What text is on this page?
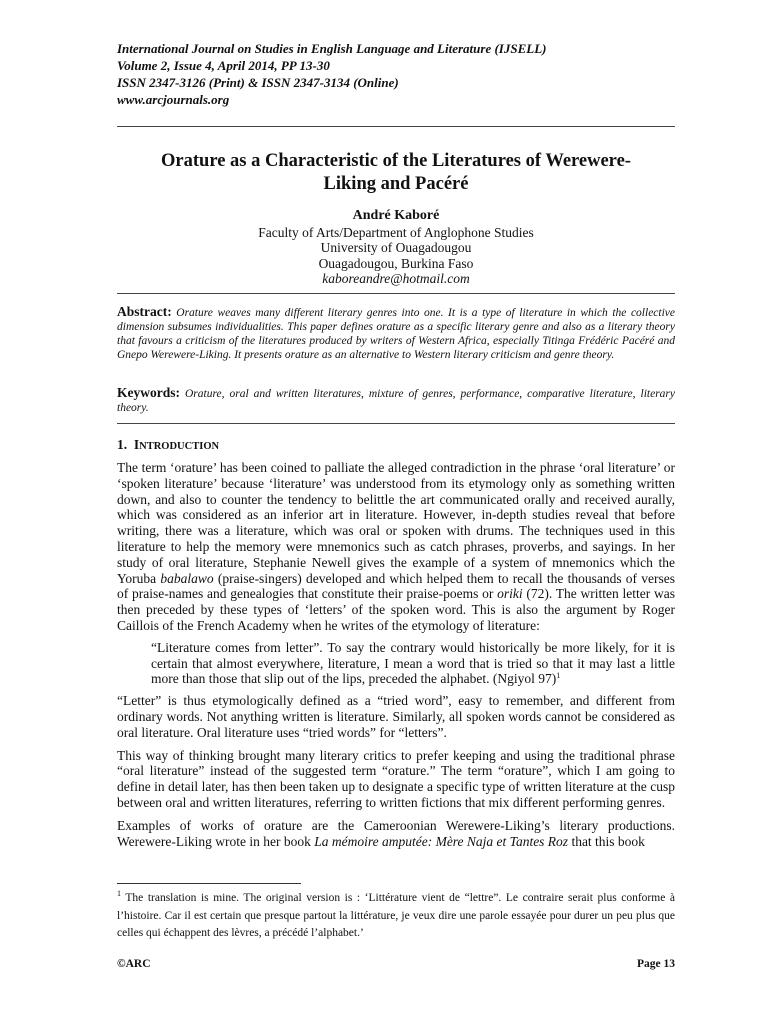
International Journal on Studies in English Language and Literature (IJSELL)
Volume 2, Issue 4, April 2014, PP 13-30
ISSN 2347-3126 (Print) & ISSN 2347-3134 (Online)
www.arcjournals.org
Orature as a Characteristic of the Literatures of Werewere-
Liking and Pacéré
André Kaboré
Faculty of Arts/Department of Anglophone Studies
University of Ouagadougou
Ouagadougou, Burkina Faso
kaboreandre@hotmail.com
Abstract: Orature weaves many different literary genres into one. It is a type of literature in which the collective dimension subsumes individualities. This paper defines orature as a specific literary genre and also as a literary theory that favours a criticism of the literatures produced by writers of Western Africa, especially Titinga Frédéric Pacéré and Gnepo Werewere-Liking. It presents orature as an alternative to Western literary criticism and genre theory.
Keywords: Orature, oral and written literatures, mixture of genres, performance, comparative literature, literary theory.
1. INTRODUCTION

The term ‘orature’ has been coined to palliate the alleged contradiction in the phrase ‘oral literature’ or ‘spoken literature’ because ‘literature’ was understood from its etymology only as something written down, and also to counter the tendency to belittle the art communicated orally and received aurally, which was considered as an inferior art in literature. However, in-depth studies reveal that before writing, there was a literature, which was oral or spoken with drums. The techniques used in this literature to help the memory were mnemonics such as catch phrases, proverbs, and sayings. In her study of oral literature, Stephanie Newell gives the example of a system of mnemonics which the Yoruba babalawo (praise-singers) developed and which helped them to recall the thousands of verses of praise-names and genealogies that constitute their praise-poems or oriki (72). The written letter was then preceded by these types of ‘letters’ of the spoken word. This is also the argument by Roger Caillois of the French Academy when he writes of the etymology of literature:

“Literature comes from letter”. To say the contrary would historically be more likely, for it is certain that almost everywhere, literature, I mean a word that is tried so that it may last a little more than those that slip out of the lips, preceded the alphabet. (Ngiyol 97)$^1$

“Letter” is thus etymologically defined as a “tried word”, easy to remember, and different from ordinary words. Not anything written is literature. Similarly, all spoken words cannot be considered as oral literature. Oral literature uses “tried words” for “letters”.

This way of thinking brought many literary critics to prefer keeping and using the traditional phrase “oral literature” instead of the suggested term “orature.” The term “orature”, which I am going to define in detail later, has then been taken up to designate a specific type of written literature at the cusp between oral and written literatures, referring to written fictions that mix different performing genres.

Examples of works of orature are the Cameroonian Werewere-Liking’s literary productions. Werewere-Liking wrote in her book La mémoire amputée: Mère Naja et Tantes Roz that this book

$^1$ The translation is mine. The original version is : ‘Littérature vient de “lettre”. Le contraire serait plus conforme à l’histoire. Car il est certain que presque partout la littérature, je veux dire une parole essayée pour durer un peu plus que celles qui échappent des lèvres, a précédé l’alphabet.’
©ARC	Page 13
